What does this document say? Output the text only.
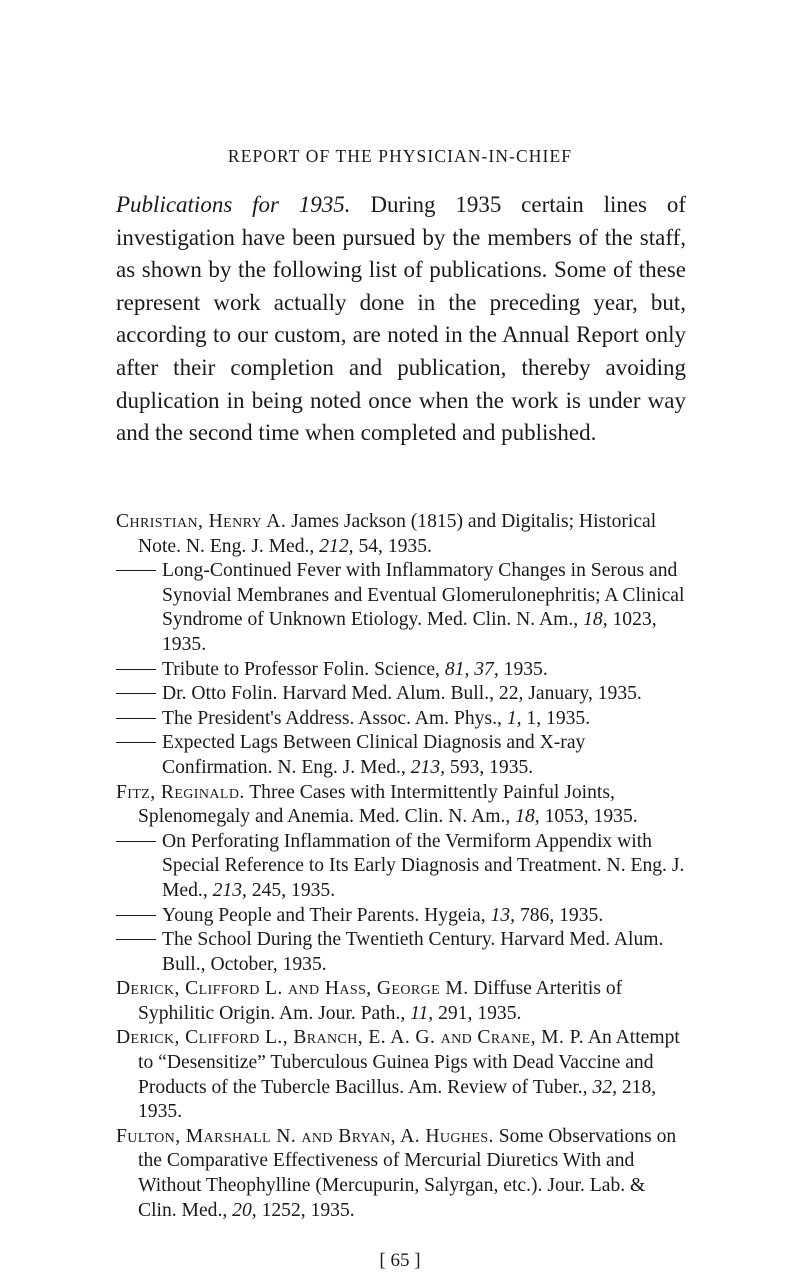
REPORT OF THE PHYSICIAN-IN-CHIEF

Publications for 1935. During 1935 certain lines of investigation have been pursued by the members of the staff, as shown by the following list of publications. Some of these represent work actually done in the preceding year, but, according to our custom, are noted in the Annual Report only after their completion and publication, thereby avoiding duplication in being noted once when the work is under way and the second time when completed and published.

Christian, Henry A. James Jackson (1815) and Digitalis; Historical Note. N. Eng. J. Med., 212, 54, 1935.

Long-Continued Fever with Inflammatory Changes in Serous and Synovial Membranes and Eventual Glomerulonephritis; A Clinical Syndrome of Unknown Etiology. Med. Clin. N. Am., 18, 1023, 1935.

Tribute to Professor Folin. Science, 81, 37, 1935.

Dr. Otto Folin. Harvard Med. Alum. Bull., 22, January, 1935.

The President's Address. Assoc. Am. Phys., 1, 1, 1935.

Expected Lags Between Clinical Diagnosis and X-ray Confirmation. N. Eng. J. Med., 213, 593, 1935.

Fitz, Reginald. Three Cases with Intermittently Painful Joints, Splenomegaly and Anemia. Med. Clin. N. Am., 18, 1053, 1935.

On Perforating Inflammation of the Vermiform Appendix with Special Reference to Its Early Diagnosis and Treatment. N. Eng. J. Med., 213, 245, 1935.

Young People and Their Parents. Hygeia, 13, 786, 1935.

The School During the Twentieth Century. Harvard Med. Alum. Bull., October, 1935.

Derick, Clifford L. and Hass, George M. Diffuse Arteritis of Syphilitic Origin. Am. Jour. Path., 11, 291, 1935.

Derick, Clifford L., Branch, E. A. G. and Crane, M. P. An Attempt to “Desensitize” Tuberculous Guinea Pigs with Dead Vaccine and Products of the Tubercle Bacillus. Am. Review of Tuber., 32, 218, 1935.

Fulton, Marshall N. and Bryan, A. Hughes. Some Observations on the Comparative Effectiveness of Mercurial Diuretics With and Without Theophylline (Mercupurin, Salyrgan, etc.). Jour. Lab. & Clin. Med., 20, 1252, 1935.

[ 65 ]
